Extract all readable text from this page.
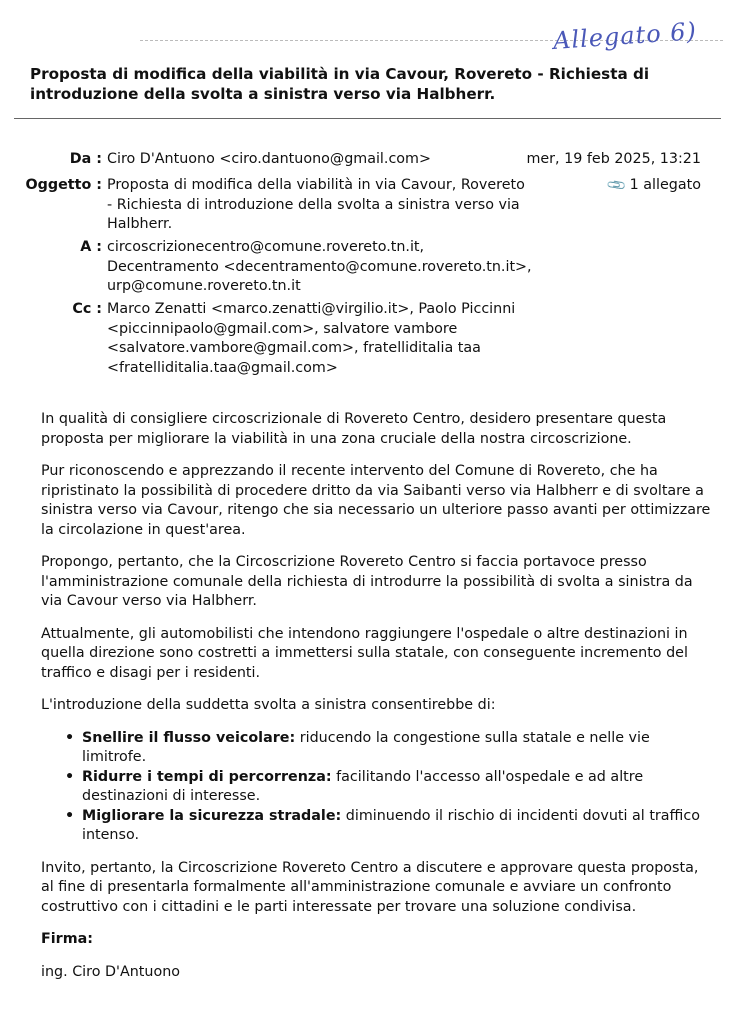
Allegato 6)
Proposta di modifica della viabilità in via Cavour, Rovereto - Richiesta di introduzione della svolta a sinistra verso via Halbherr.
Da : Ciro D'Antuono <ciro.dantuono@gmail.com>	mer, 19 feb 2025, 13:21
Oggetto : Proposta di modifica della viabilità in via Cavour, Rovereto - Richiesta di introduzione della svolta a sinistra verso via Halbherr.
📎1 allegato
A : circoscrizionecentro@comune.rovereto.tn.it, Decentramento <decentramento@comune.rovereto.tn.it>, urp@comune.rovereto.tn.it
Cc : Marco Zenatti <marco.zenatti@virgilio.it>, Paolo Piccinni <piccinnipaolo@gmail.com>, salvatore vambore <salvatore.vambore@gmail.com>, fratelliditalia taa <fratelliditalia.taa@gmail.com>

In qualità di consigliere circoscrizionale di Rovereto Centro, desidero presentare questa proposta per migliorare la viabilità in una zona cruciale della nostra circoscrizione.

Pur riconoscendo e apprezzando il recente intervento del Comune di Rovereto, che ha ripristinato la possibilità di procedere dritto da via Saibanti verso via Halbherr e di svoltare a sinistra verso via Cavour, ritengo che sia necessario un ulteriore passo avanti per ottimizzare la circolazione in quest'area.

Propongo, pertanto, che la Circoscrizione Rovereto Centro si faccia portavoce presso l'amministrazione comunale della richiesta di introdurre la possibilità di svolta a sinistra da via Cavour verso via Halbherr.

Attualmente, gli automobilisti che intendono raggiungere l'ospedale o altre destinazioni in quella direzione sono costretti a immettersi sulla statale, con conseguente incremento del traffico e disagi per i residenti.

L'introduzione della suddetta svolta a sinistra consentirebbe di:

• Snellire il flusso veicolare: riducendo la congestione sulla statale e nelle vie limitrofe.
• Ridurre i tempi di percorrenza: facilitando l'accesso all'ospedale e ad altre destinazioni di interesse.
• Migliorare la sicurezza stradale: diminuendo il rischio di incidenti dovuti al traffico intenso.

Invito, pertanto, la Circoscrizione Rovereto Centro a discutere e approvare questa proposta, al fine di presentarla formalmente all'amministrazione comunale e avviare un confronto costruttivo con i cittadini e le parti interessate per trovare una soluzione condivisa.

Firma:

ing. Ciro D'Antuono
